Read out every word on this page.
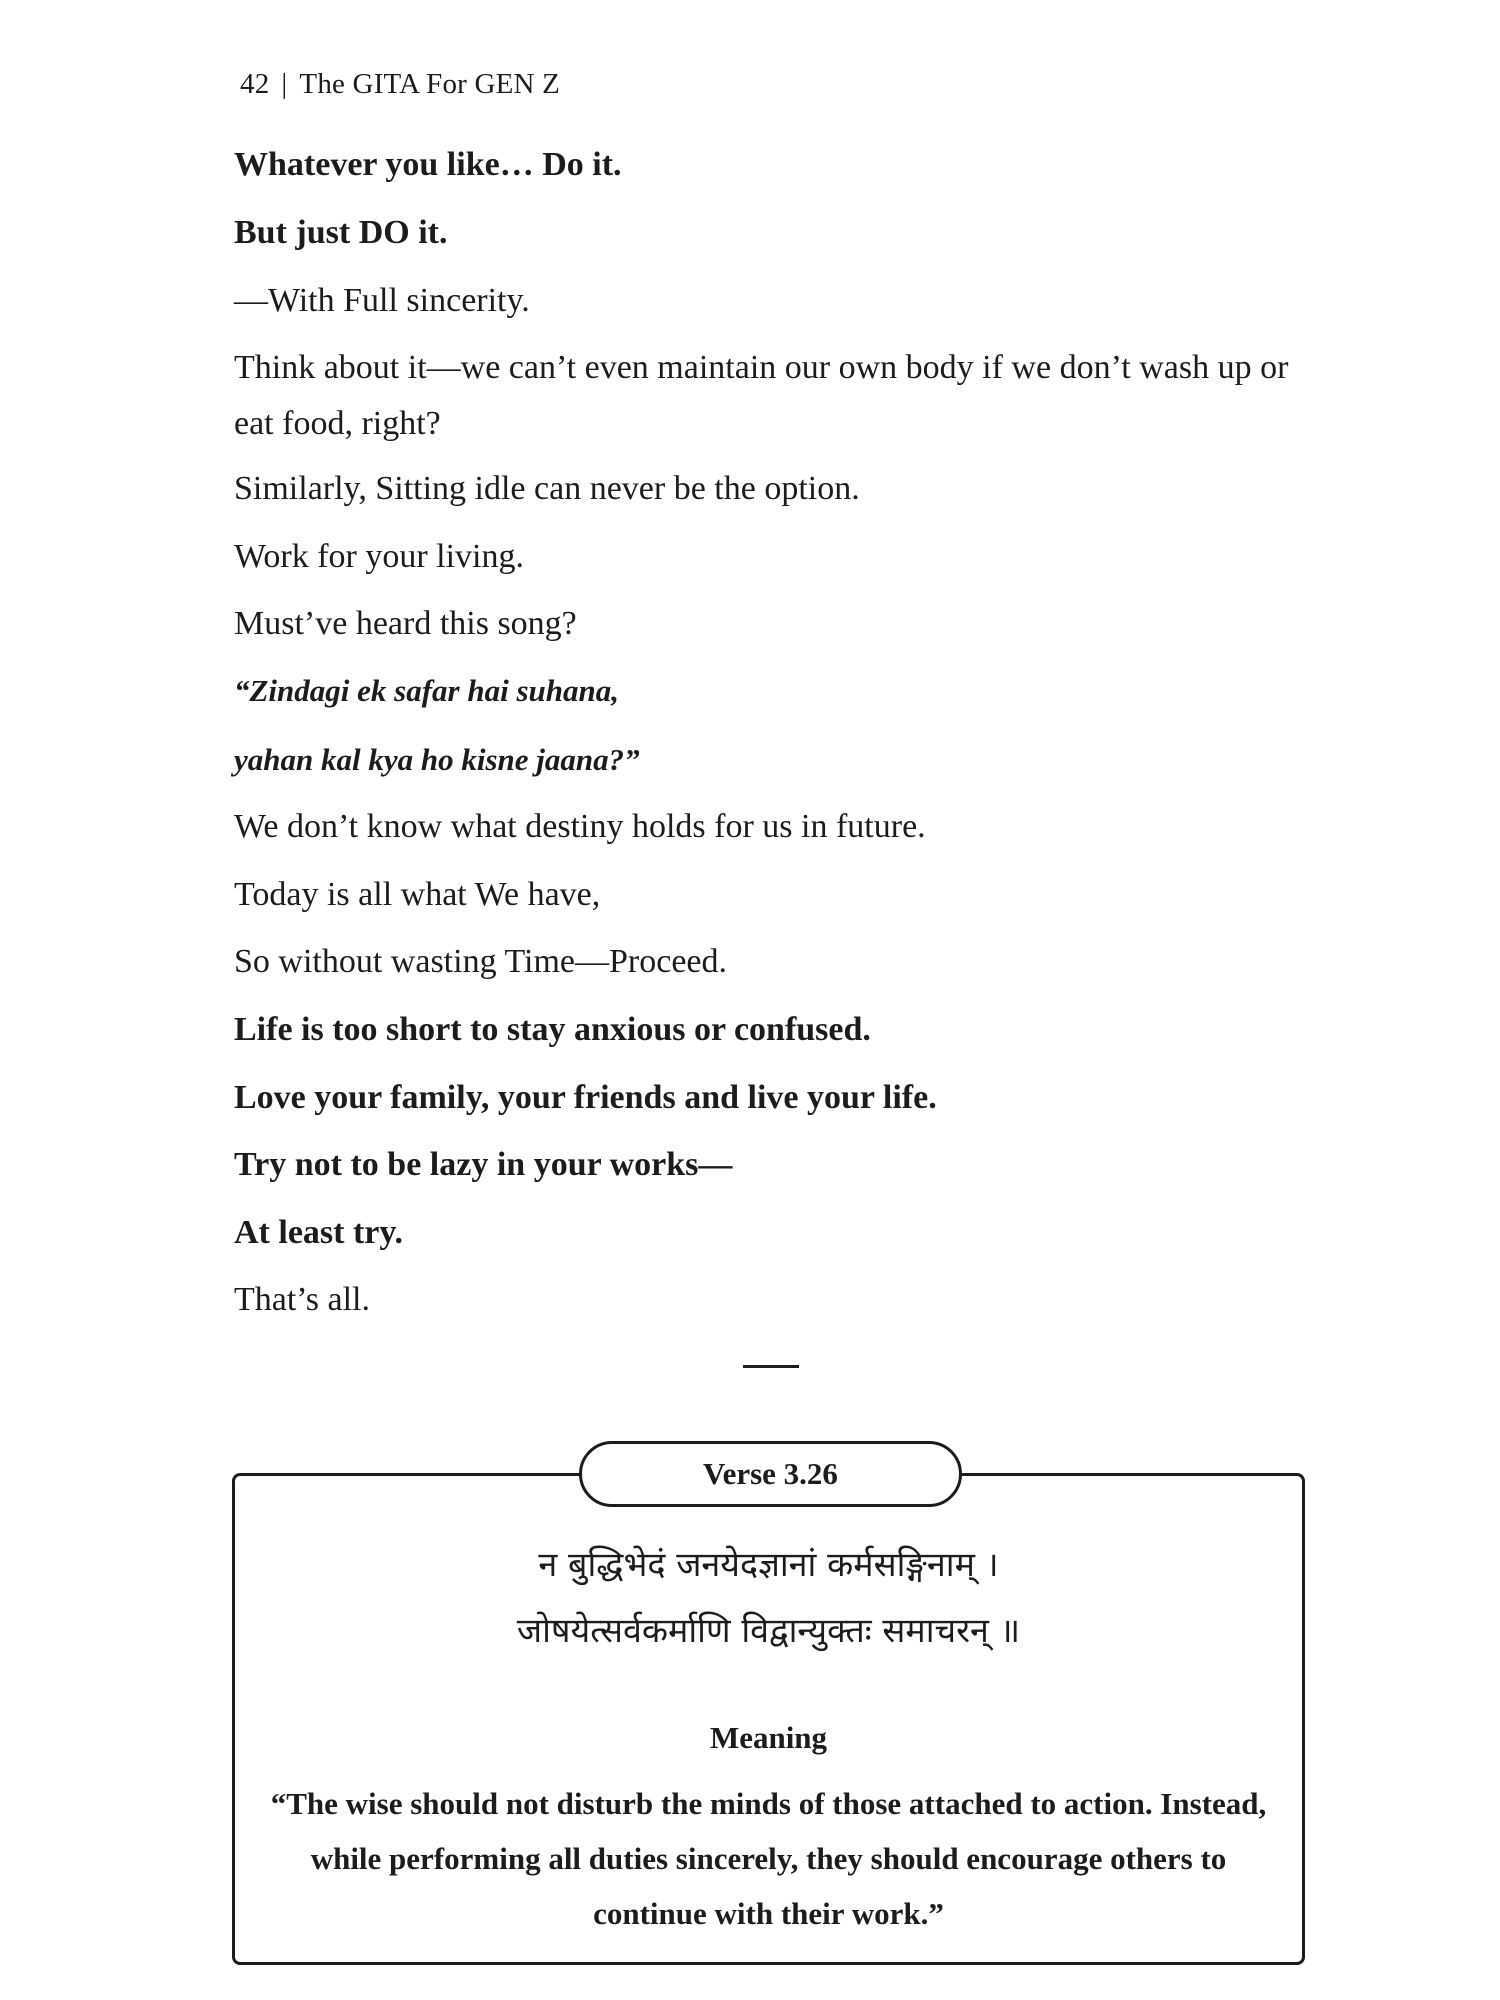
42 | The GITA For GEN Z
Whatever you like… Do it.
But just DO it.
—With Full sincerity.
Think about it—we can’t even maintain our own body if we don’t wash up or eat food, right?
Similarly, Sitting idle can never be the option.
Work for your living.
Must’ve heard this song?
“Zindagi ek safar hai suhana,
yahan kal kya ho kisne jaana?”
We don’t know what destiny holds for us in future.
Today is all what We have,
So without wasting Time—Proceed.
Life is too short to stay anxious or confused.
Love your family, your friends and live your life.
Try not to be lazy in your works—
At least try.
That’s all.
Verse 3.26
न बुद्धिभेदं जनयेदज्ञानां कर्मसङ्गिनाम् ।
जोषयेत्सर्वकर्माणि विद्वान्युक्तः समाचरन् ॥
Meaning
“The wise should not disturb the minds of those attached to action. Instead, while performing all duties sincerely, they should encourage others to continue with their work.”
